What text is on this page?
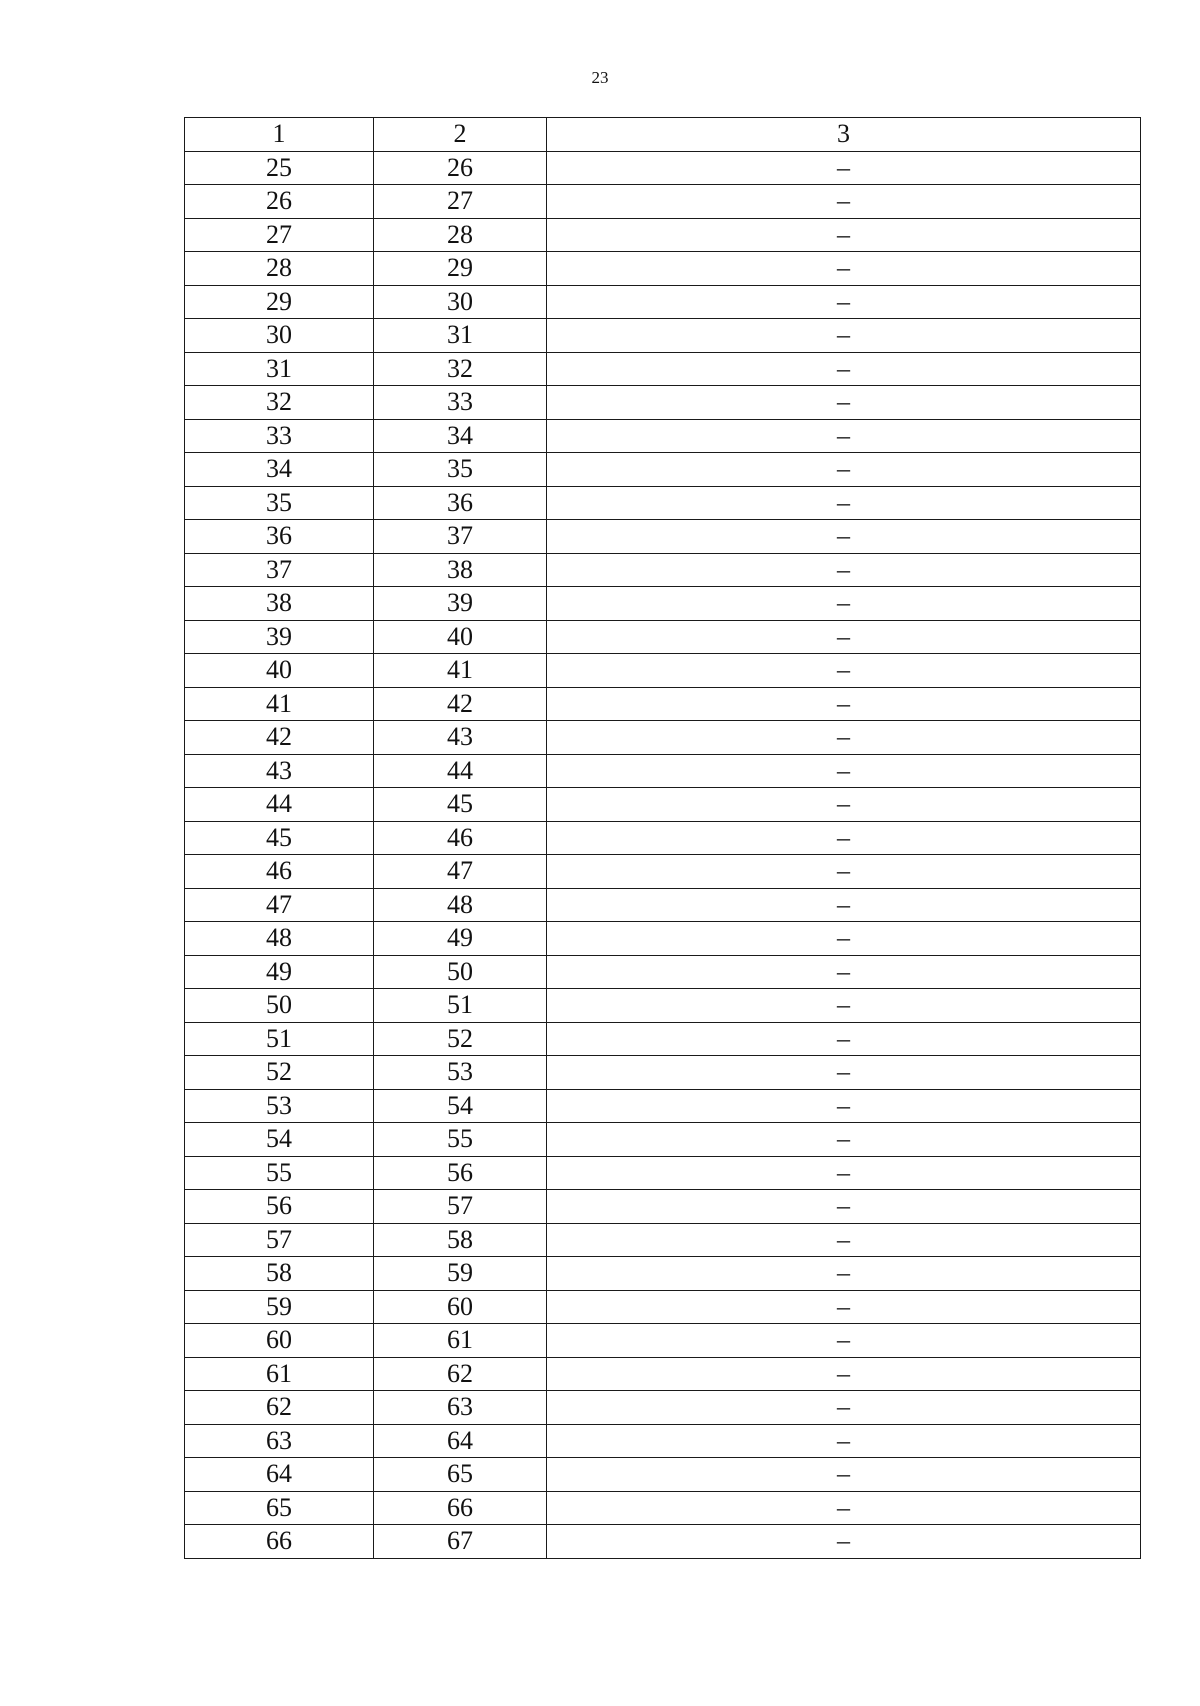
23
1	2	3
25	26	–
26	27	–
27	28	–
28	29	–
29	30	–
30	31	–
31	32	–
32	33	–
33	34	–
34	35	–
35	36	–
36	37	–
37	38	–
38	39	–
39	40	–
40	41	–
41	42	–
42	43	–
43	44	–
44	45	–
45	46	–
46	47	–
47	48	–
48	49	–
49	50	–
50	51	–
51	52	–
52	53	–
53	54	–
54	55	–
55	56	–
56	57	–
57	58	–
58	59	–
59	60	–
60	61	–
61	62	–
62	63	–
63	64	–
64	65	–
65	66	–
66	67	–
